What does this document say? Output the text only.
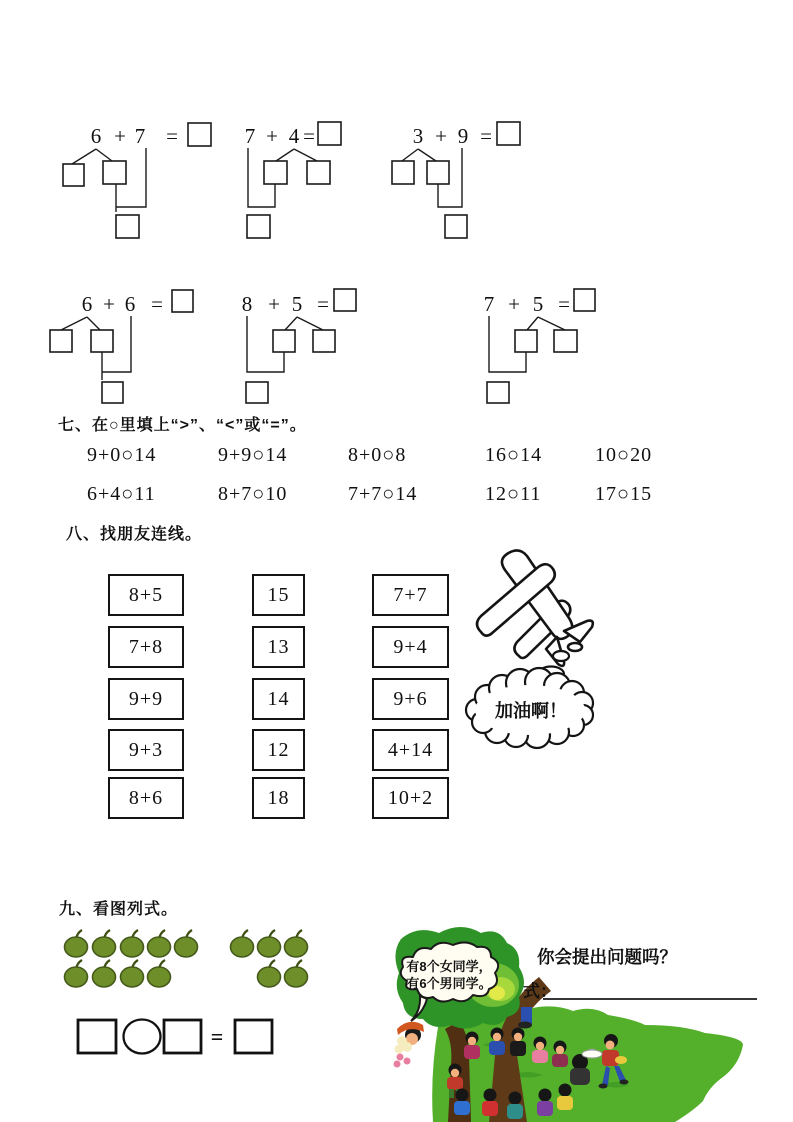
6 + 7 =	7 + 4 =	3 + 9 =
6 + 6 =	8 + 5 =	7 + 5 =
七、在○里填上“>”、“<”或“=”。
9+0○14	9+9○14	8+0○8	16○14	10○20
6+4○11	8+7○10	7+7○14	12○11	17○15
八、找朋友连线。
8+5
7+8
9+9
9+3
8+6
15
13
14
12
18
7+7
9+4
9+6
4+14
10+2
加油啊！
九、看图列式。
=
有8个女同学，
有6个男同学。
你会提出问题吗？
式：
